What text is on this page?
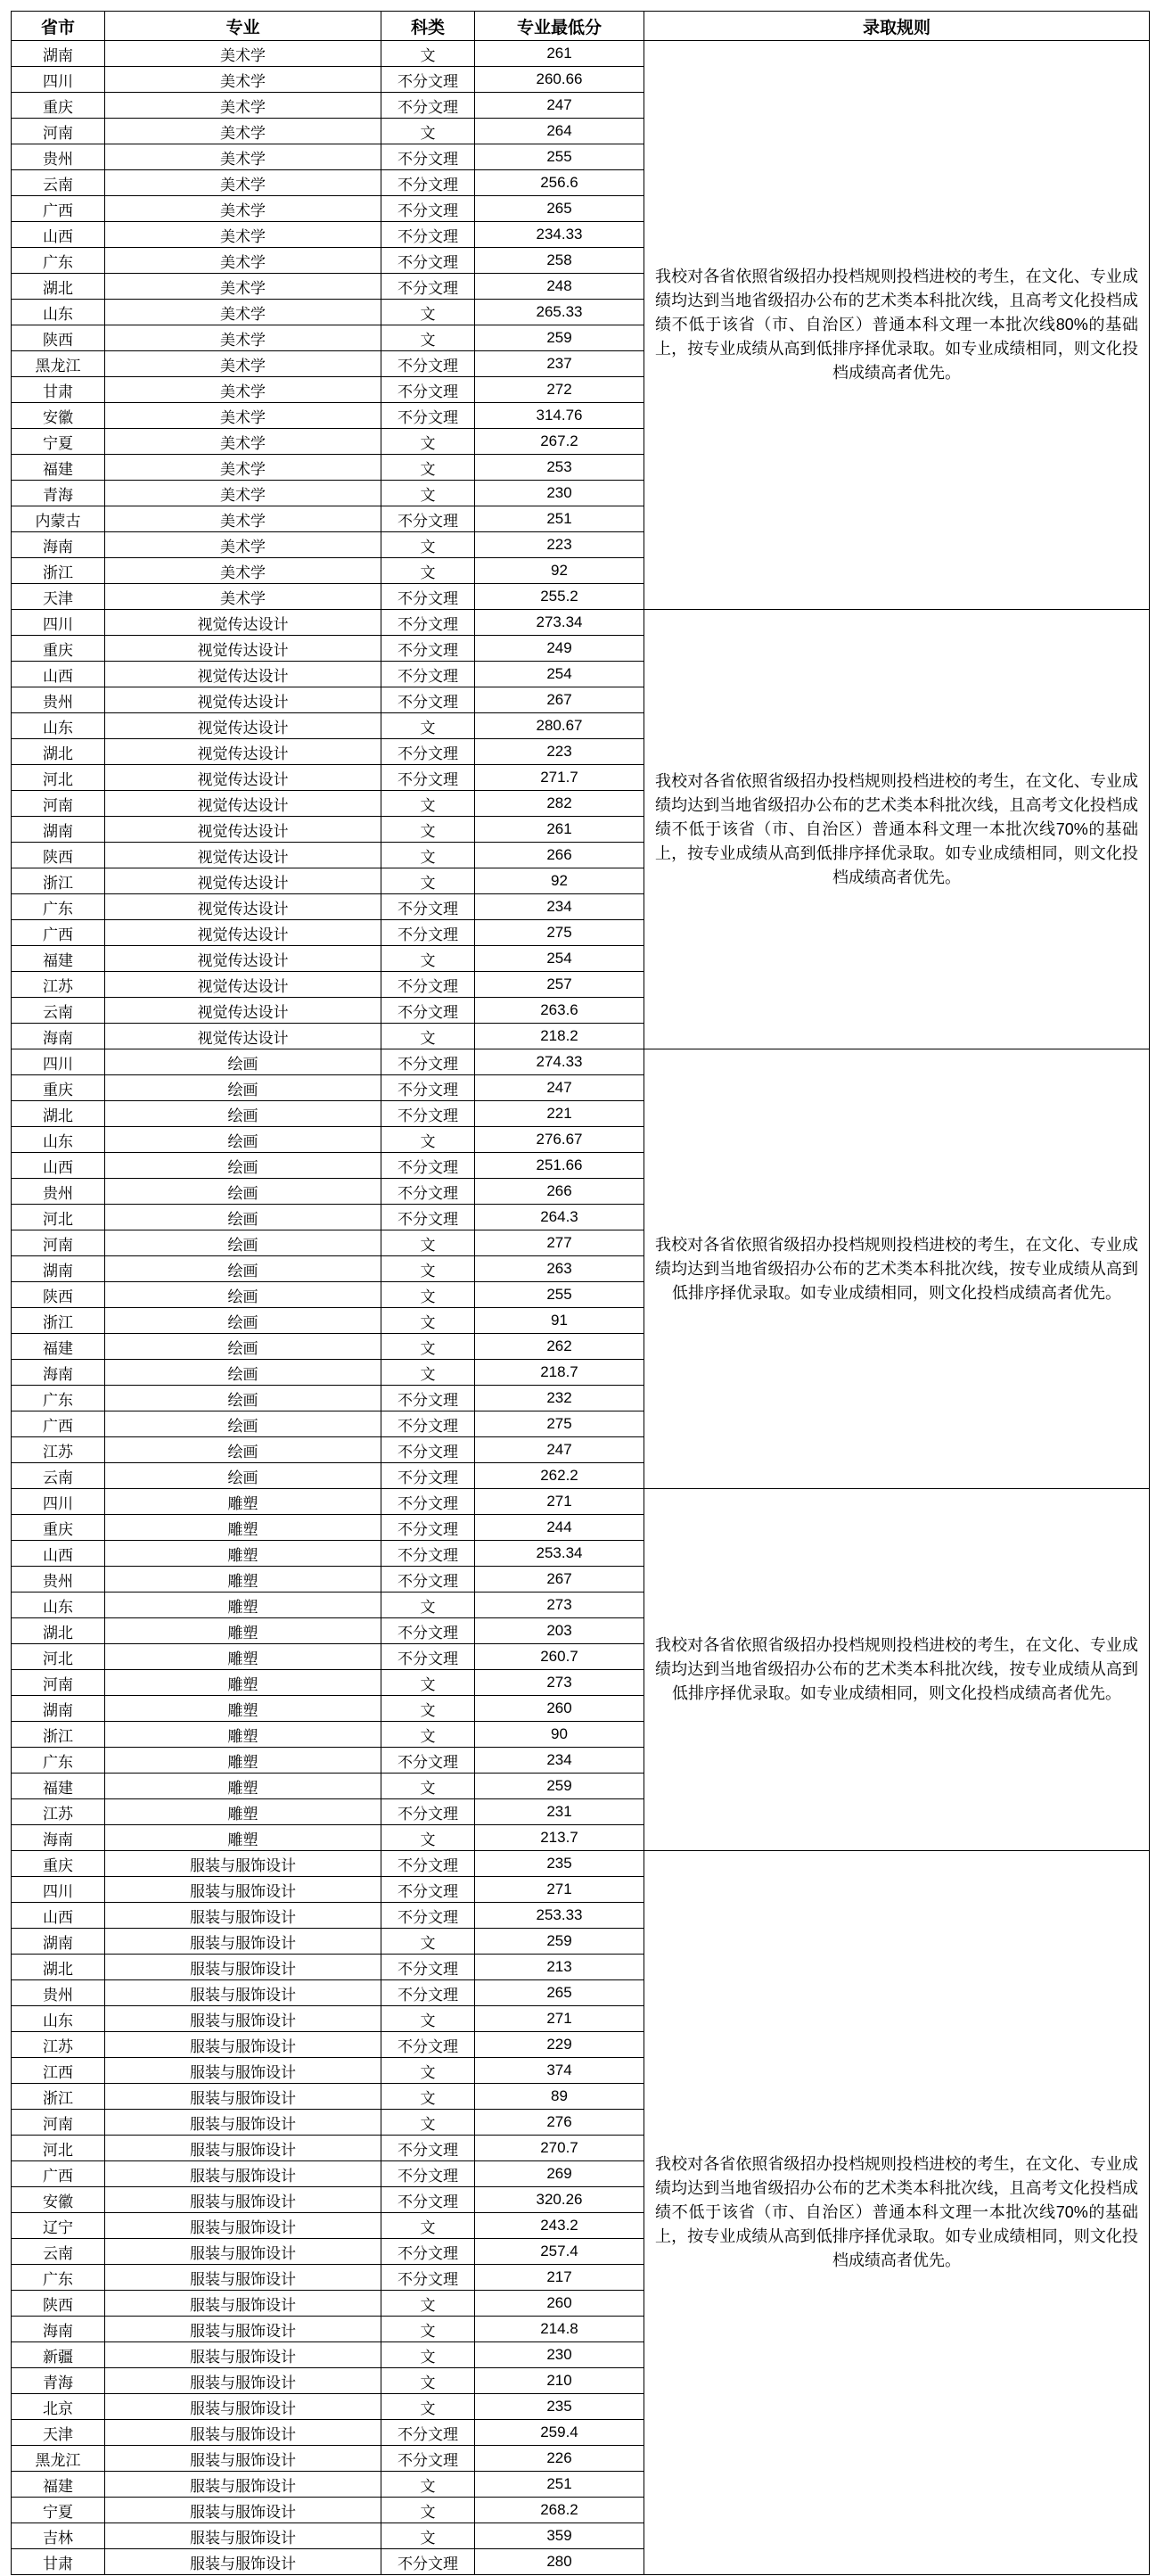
省市	专业	科类	专业最低分	录取规则
湖南	美术学	文	261	我校对各省依照省级招办投档规则投档进校的考生，在文化、专业成绩均达到当地省级招办公布的艺术类本科批次线，且高考文化投档成绩不低于该省（市、自治区）普通本科文理一本批次线80%的基础上，按专业成绩从高到低排序择优录取。如专业成绩相同，则文化投档成绩高者优先。
四川	美术学	不分文理	260.66	
重庆	美术学	不分文理	247	
河南	美术学	文	264	
贵州	美术学	不分文理	255	
云南	美术学	不分文理	256.6	
广西	美术学	不分文理	265	
山西	美术学	不分文理	234.33	
广东	美术学	不分文理	258	
湖北	美术学	不分文理	248	
山东	美术学	文	265.33	
陕西	美术学	文	259	
黑龙江	美术学	不分文理	237	
甘肃	美术学	不分文理	272	
安徽	美术学	不分文理	314.76	
宁夏	美术学	文	267.2	
福建	美术学	文	253	
青海	美术学	文	230	
内蒙古	美术学	不分文理	251	
海南	美术学	文	223	
浙江	美术学	文	92	
天津	美术学	不分文理	255.2	
四川	视觉传达设计	不分文理	273.34	我校对各省依照省级招办投档规则投档进校的考生，在文化、专业成绩均达到当地省级招办公布的艺术类本科批次线，且高考文化投档成绩不低于该省（市、自治区）普通本科文理一本批次线70%的基础上，按专业成绩从高到低排序择优录取。如专业成绩相同，则文化投档成绩高者优先。
重庆	视觉传达设计	不分文理	249	
山西	视觉传达设计	不分文理	254	
贵州	视觉传达设计	不分文理	267	
山东	视觉传达设计	文	280.67	
湖北	视觉传达设计	不分文理	223	
河北	视觉传达设计	不分文理	271.7	
河南	视觉传达设计	文	282	
湖南	视觉传达设计	文	261	
陕西	视觉传达设计	文	266	
浙江	视觉传达设计	文	92	
广东	视觉传达设计	不分文理	234	
广西	视觉传达设计	不分文理	275	
福建	视觉传达设计	文	254	
江苏	视觉传达设计	不分文理	257	
云南	视觉传达设计	不分文理	263.6	
海南	视觉传达设计	文	218.2	
四川	绘画	不分文理	274.33	我校对各省依照省级招办投档规则投档进校的考生，在文化、专业成绩均达到当地省级招办公布的艺术类本科批次线，按专业成绩从高到低排序择优录取。如专业成绩相同，则文化投档成绩高者优先。
重庆	绘画	不分文理	247	
湖北	绘画	不分文理	221	
山东	绘画	文	276.67	
山西	绘画	不分文理	251.66	
贵州	绘画	不分文理	266	
河北	绘画	不分文理	264.3	
河南	绘画	文	277	
湖南	绘画	文	263	
陕西	绘画	文	255	
浙江	绘画	文	91	
福建	绘画	文	262	
海南	绘画	文	218.7	
广东	绘画	不分文理	232	
广西	绘画	不分文理	275	
江苏	绘画	不分文理	247	
云南	绘画	不分文理	262.2	
四川	雕塑	不分文理	271	我校对各省依照省级招办投档规则投档进校的考生，在文化、专业成绩均达到当地省级招办公布的艺术类本科批次线，按专业成绩从高到低排序择优录取。如专业成绩相同，则文化投档成绩高者优先。
重庆	雕塑	不分文理	244	
山西	雕塑	不分文理	253.34	
贵州	雕塑	不分文理	267	
山东	雕塑	文	273	
湖北	雕塑	不分文理	203	
河北	雕塑	不分文理	260.7	
河南	雕塑	文	273	
湖南	雕塑	文	260	
浙江	雕塑	文	90	
广东	雕塑	不分文理	234	
福建	雕塑	文	259	
江苏	雕塑	不分文理	231	
海南	雕塑	文	213.7	
重庆	服装与服饰设计	不分文理	235	我校对各省依照省级招办投档规则投档进校的考生，在文化、专业成绩均达到当地省级招办公布的艺术类本科批次线，且高考文化投档成绩不低于该省（市、自治区）普通本科文理一本批次线70%的基础上，按专业成绩从高到低排序择优录取。如专业成绩相同，则文化投档成绩高者优先。
四川	服装与服饰设计	不分文理	271	
山西	服装与服饰设计	不分文理	253.33	
湖南	服装与服饰设计	文	259	
湖北	服装与服饰设计	不分文理	213	
贵州	服装与服饰设计	不分文理	265	
山东	服装与服饰设计	文	271	
江苏	服装与服饰设计	不分文理	229	
江西	服装与服饰设计	文	374	
浙江	服装与服饰设计	文	89	
河南	服装与服饰设计	文	276	
河北	服装与服饰设计	不分文理	270.7	
广西	服装与服饰设计	不分文理	269	
安徽	服装与服饰设计	不分文理	320.26	
辽宁	服装与服饰设计	文	243.2	
云南	服装与服饰设计	不分文理	257.4	
广东	服装与服饰设计	不分文理	217	
陕西	服装与服饰设计	文	260	
海南	服装与服饰设计	文	214.8	
新疆	服装与服饰设计	文	230	
青海	服装与服饰设计	文	210	
北京	服装与服饰设计	文	235	
天津	服装与服饰设计	不分文理	259.4	
黑龙江	服装与服饰设计	不分文理	226	
福建	服装与服饰设计	文	251	
宁夏	服装与服饰设计	文	268.2	
吉林	服装与服饰设计	文	359	
甘肃	服装与服饰设计	不分文理	280	
